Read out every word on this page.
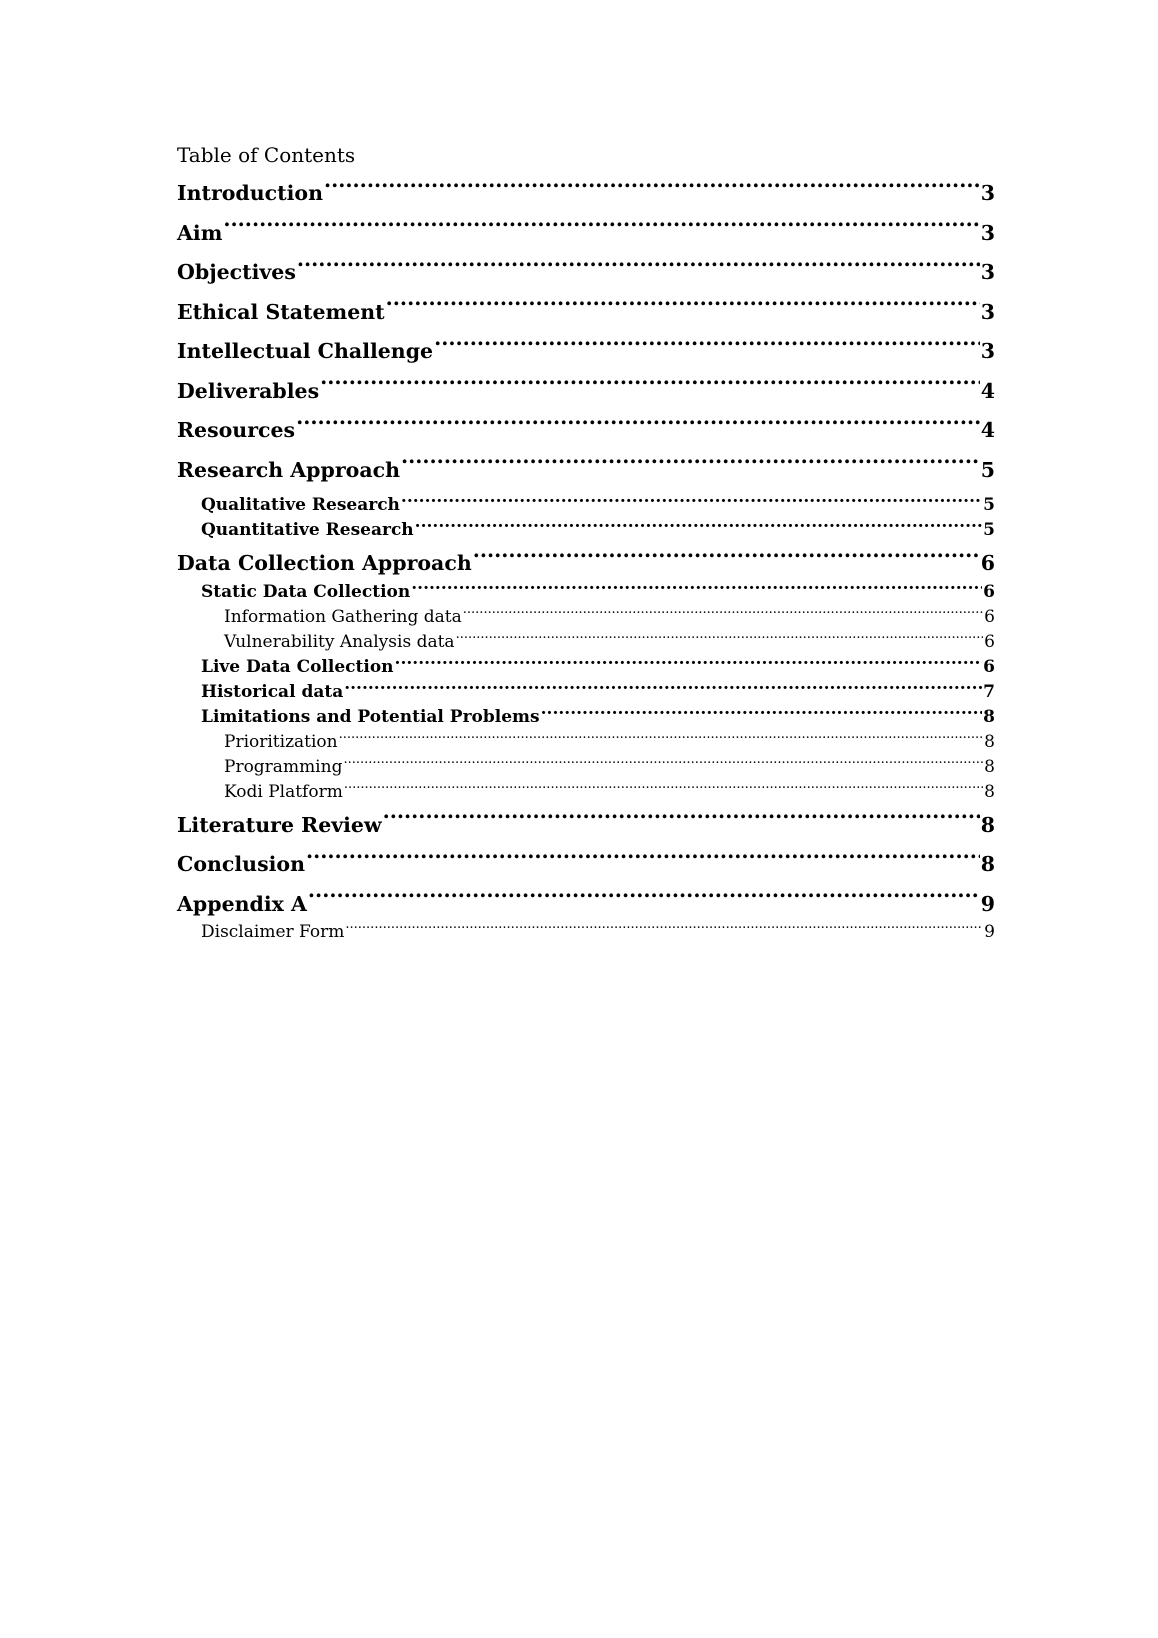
Table of Contents
Introduction .....	3
Aim .....	3
Objectives .....	3
Ethical Statement .....	3
Intellectual Challenge .....	3
Deliverables .....	4
Resources .....	4
Research Approach .....	5
Qualitative Research .....	5
Quantitative Research .....	5
Data Collection Approach .....	6
Static Data Collection .....	6
Information Gathering data .....	6
Vulnerability Analysis data .....	6
Live Data Collection .....	6
Historical data .....	7
Limitations and Potential Problems .....	8
Prioritization .....	8
Programming .....	8
Kodi Platform .....	8
Literature Review .....	8
Conclusion .....	8
Appendix A .....	9
Disclaimer Form .....	9
